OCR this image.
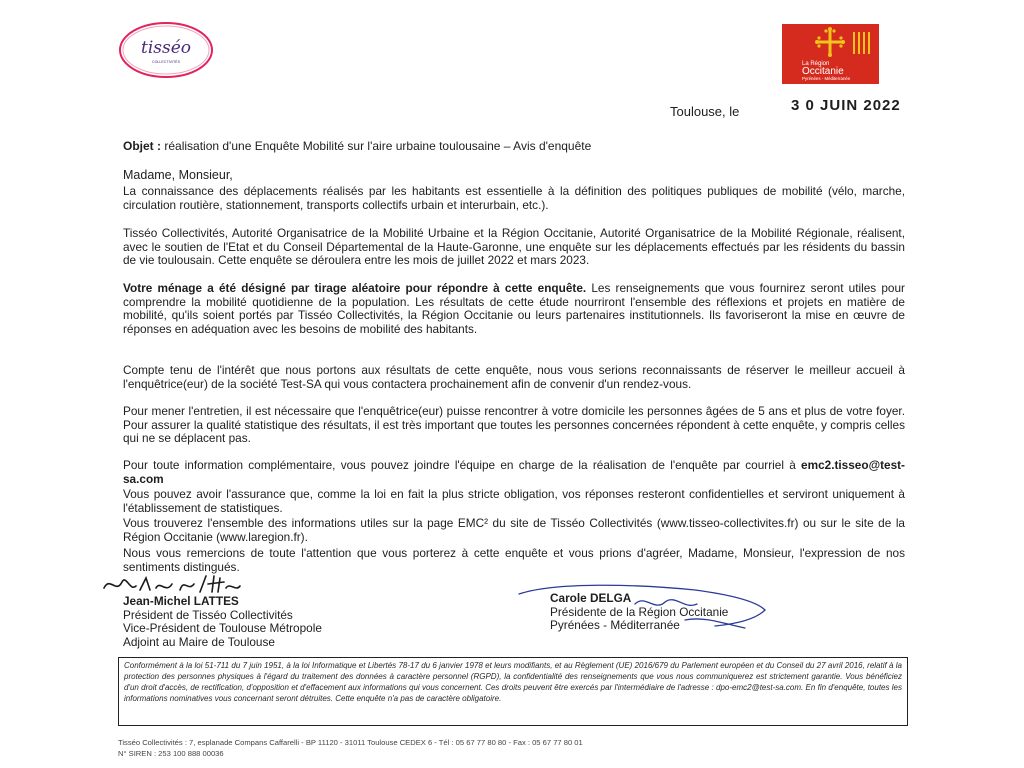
tisséo
COLLECTIVITÉS	La Région
Occitanie
Pyrénées - Méditerranée
Toulouse, le	3 0 JUIN 2022
Objet : réalisation d'une Enquête Mobilité sur l'aire urbaine toulousaine – Avis d'enquête
Madame, Monsieur,
La connaissance des déplacements réalisés par les habitants est essentielle à la définition des politiques publiques de mobilité (vélo, marche, circulation routière, stationnement, transports collectifs urbain et interurbain, etc.).
Tisséo Collectivités, Autorité Organisatrice de la Mobilité Urbaine et la Région Occitanie, Autorité Organisatrice de la Mobilité Régionale, réalisent, avec le soutien de l'Etat et du Conseil Départemental de la Haute-Garonne, une enquête sur les déplacements effectués par les résidents du bassin de vie toulousain. Cette enquête se déroulera entre les mois de juillet 2022 et mars 2023.
Votre ménage a été désigné par tirage aléatoire pour répondre à cette enquête. Les renseignements que vous fournirez seront utiles pour comprendre la mobilité quotidienne de la population. Les résultats de cette étude nourriront l'ensemble des réflexions et projets en matière de mobilité, qu'ils soient portés par Tisséo Collectivités, la Région Occitanie ou leurs partenaires institutionnels. Ils favoriseront la mise en œuvre de réponses en adéquation avec les besoins de mobilité des habitants.
Compte tenu de l'intérêt que nous portons aux résultats de cette enquête, nous vous serions reconnaissants de réserver le meilleur accueil à l'enquêtrice(eur) de la société Test-SA qui vous contactera prochainement afin de convenir d'un rendez-vous.
Pour mener l'entretien, il est nécessaire que l'enquêtrice(eur) puisse rencontrer à votre domicile les personnes âgées de 5 ans et plus de votre foyer. Pour assurer la qualité statistique des résultats, il est très important que toutes les personnes concernées répondent à cette enquête, y compris celles qui ne se déplacent pas.
Pour toute information complémentaire, vous pouvez joindre l'équipe en charge de la réalisation de l'enquête par courriel à emc2.tisseo@test-sa.com
Vous pouvez avoir l'assurance que, comme la loi en fait la plus stricte obligation, vos réponses resteront confidentielles et serviront uniquement à l'établissement de statistiques.
Vous trouverez l'ensemble des informations utiles sur la page EMC² du site de Tisséo Collectivités (www.tisseo-collectivites.fr) ou sur le site de la Région Occitanie (www.laregion.fr).
Nous vous remercions de toute l'attention que vous porterez à cette enquête et vous prions d'agréer, Madame, Monsieur, l'expression de nos sentiments distingués.
Jean-Michel LATTES
Président de Tisséo Collectivités
Vice-Président de Toulouse Métropole
Adjoint au Maire de Toulouse
Carole DELGA
Présidente de la Région Occitanie
Pyrénées - Méditerranée
Conformément à la loi 51-711 du 7 juin 1951, à la loi Informatique et Libertés 78-17 du 6 janvier 1978 et leurs modifiants, et au Règlement (UE) 2016/679 du Parlement européen et du Conseil du 27 avril 2016, relatif à la protection des personnes physiques à l'égard du traitement des données à caractère personnel (RGPD), la confidentialité des renseignements que vous nous communiquerez est strictement garantie. Vous bénéficiez d'un droit d'accès, de rectification, d'opposition et d'effacement aux informations qui vous concernent. Ces droits peuvent être exercés par l'intermédiaire de l'adresse : dpo-emc2@test-sa.com. En fin d'enquête, toutes les informations nominatives vous concernant seront détruites. Cette enquête n'a pas de caractère obligatoire.
Tisséo Collectivités : 7, esplanade Compans Caffarelli - BP 11120 - 31011 Toulouse CEDEX 6 - Tél : 05 67 77 80 80 - Fax : 05 67 77 80 01
N° SIREN : 253 100 888 00036
